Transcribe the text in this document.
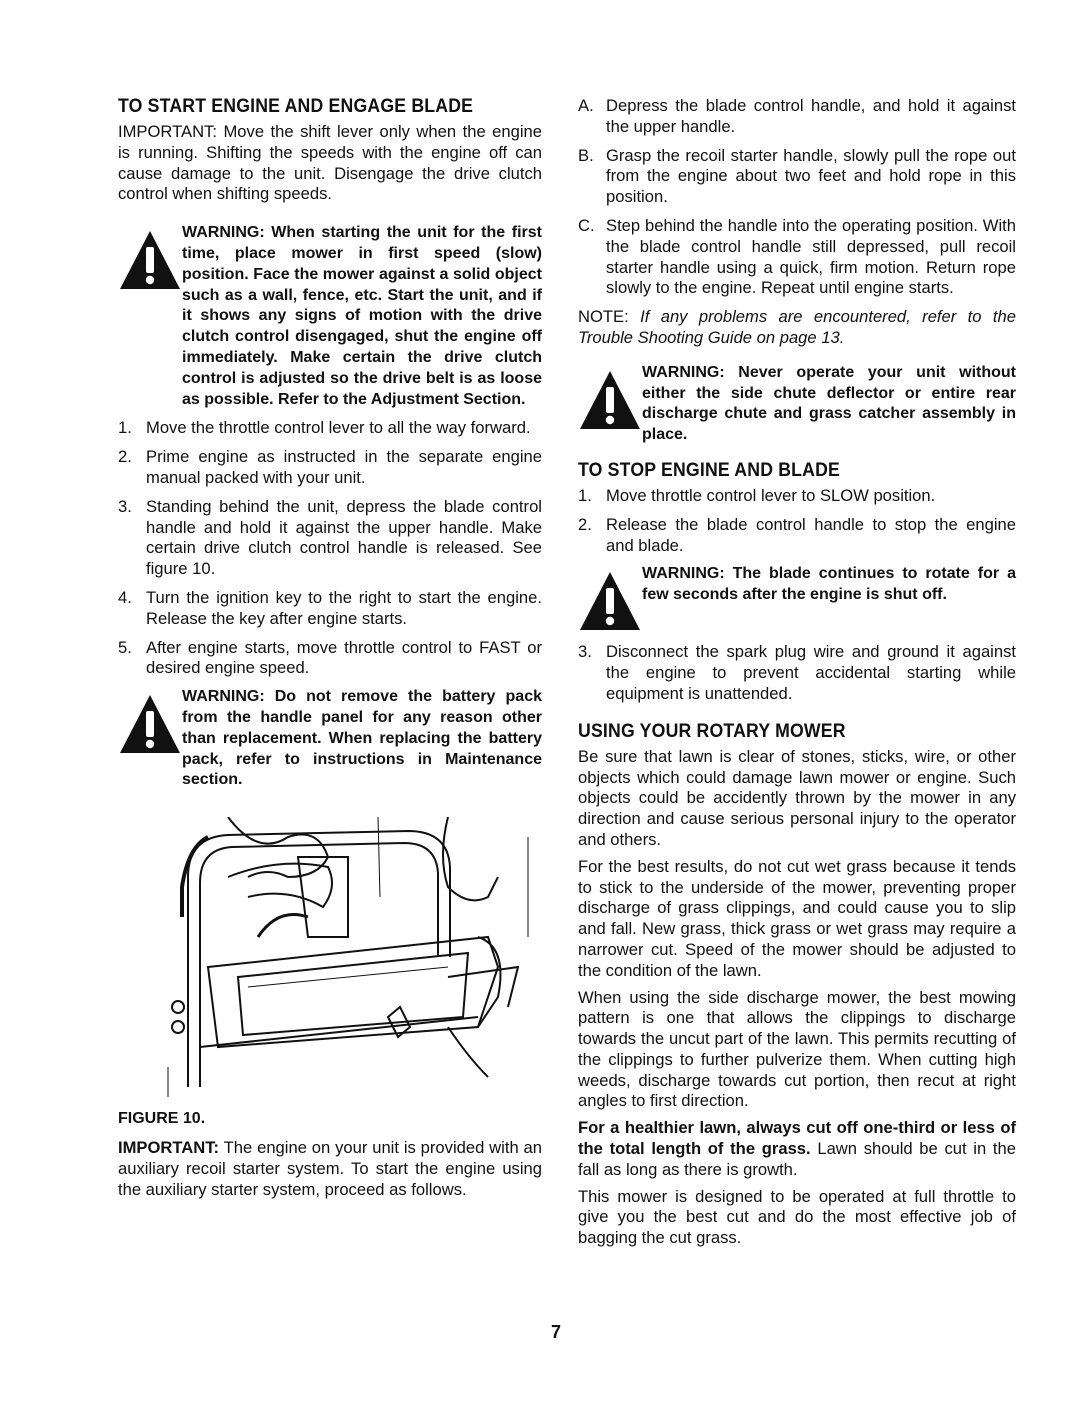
TO START ENGINE AND ENGAGE BLADE

IMPORTANT: Move the shift lever only when the engine is running. Shifting the speeds with the engine off can cause damage to the unit. Disengage the drive clutch control when shifting speeds.

WARNING: When starting the unit for the first time, place mower in first speed (slow) position. Face the mower against a solid object such as a wall, fence, etc. Start the unit, and if it shows any signs of motion with the drive clutch control disengaged, shut the engine off immediately. Make certain the drive clutch control is adjusted so the drive belt is as loose as possible. Refer to the Adjustment Section.
1. Move the throttle control lever to all the way forward.
2. Prime engine as instructed in the separate engine manual packed with your unit.
3. Standing behind the unit, depress the blade control handle and hold it against the upper handle. Make certain drive clutch control handle is released. See figure 10.
4. Turn the ignition key to the right to start the engine. Release the key after engine starts.
5. After engine starts, move throttle control to FAST or desired engine speed.
WARNING: Do not remove the battery pack from the handle panel for any reason other than replacement. When replacing the battery pack, refer to instructions in Maintenance section.
FIGURE 10.

IMPORTANT: The engine on your unit is provided with an auxiliary recoil starter system. To start the engine using the auxiliary starter system, proceed as follows.

A. Depress the blade control handle, and hold it against the upper handle.
B. Grasp the recoil starter handle, slowly pull the rope out from the engine about two feet and hold rope in this position.
C. Step behind the handle into the operating position. With the blade control handle still depressed, pull recoil starter handle using a quick, firm motion. Return rope slowly to the engine. Repeat until engine starts.

NOTE: If any problems are encountered, refer to the Trouble Shooting Guide on page 13.

WARNING: Never operate your unit without either the side chute deflector or entire rear discharge chute and grass catcher assembly in place.
TO STOP ENGINE AND BLADE
1. Move throttle control lever to SLOW position.
2. Release the blade control handle to stop the engine and blade.
WARNING: The blade continues to rotate for a few seconds after the engine is shut off.
3. Disconnect the spark plug wire and ground it against the engine to prevent accidental starting while equipment is unattended.
USING YOUR ROTARY MOWER

Be sure that lawn is clear of stones, sticks, wire, or other objects which could damage lawn mower or engine. Such objects could be accidently thrown by the mower in any direction and cause serious personal injury to the operator and others.

For the best results, do not cut wet grass because it tends to stick to the underside of the mower, preventing proper discharge of grass clippings, and could cause you to slip and fall. New grass, thick grass or wet grass may require a narrower cut. Speed of the mower should be adjusted to the condition of the lawn.

When using the side discharge mower, the best mowing pattern is one that allows the clippings to discharge towards the uncut part of the lawn. This permits recutting of the clippings to further pulverize them. When cutting high weeds, discharge towards cut portion, then recut at right angles to first direction.

For a healthier lawn, always cut off one-third or less of the total length of the grass. Lawn should be cut in the fall as long as there is growth.

This mower is designed to be operated at full throttle to give you the best cut and do the most effective job of bagging the cut grass.

7
